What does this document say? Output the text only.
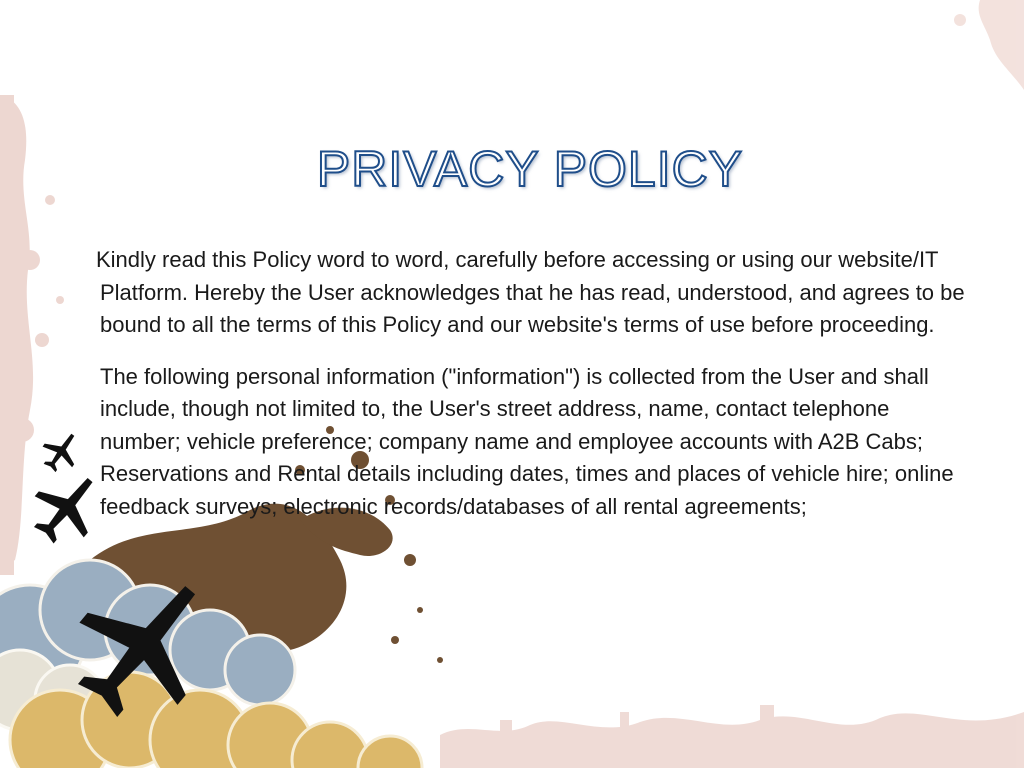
PRIVACY POLICY

Kindly read this Policy word to word, carefully before accessing or using our website/IT Platform. Hereby the User acknowledges that he has read, understood, and agrees to be bound to all the terms of this Policy and our website's terms of use before proceeding.

The following personal information ("information") is collected from the User and shall include, though not limited to, the User's street address, name, contact telephone number; vehicle preference; company name and employee accounts with A2B Cabs; Reservations and Rental details including dates, times and places of vehicle hire; online feedback surveys; electronic records/databases of all rental agreements;
